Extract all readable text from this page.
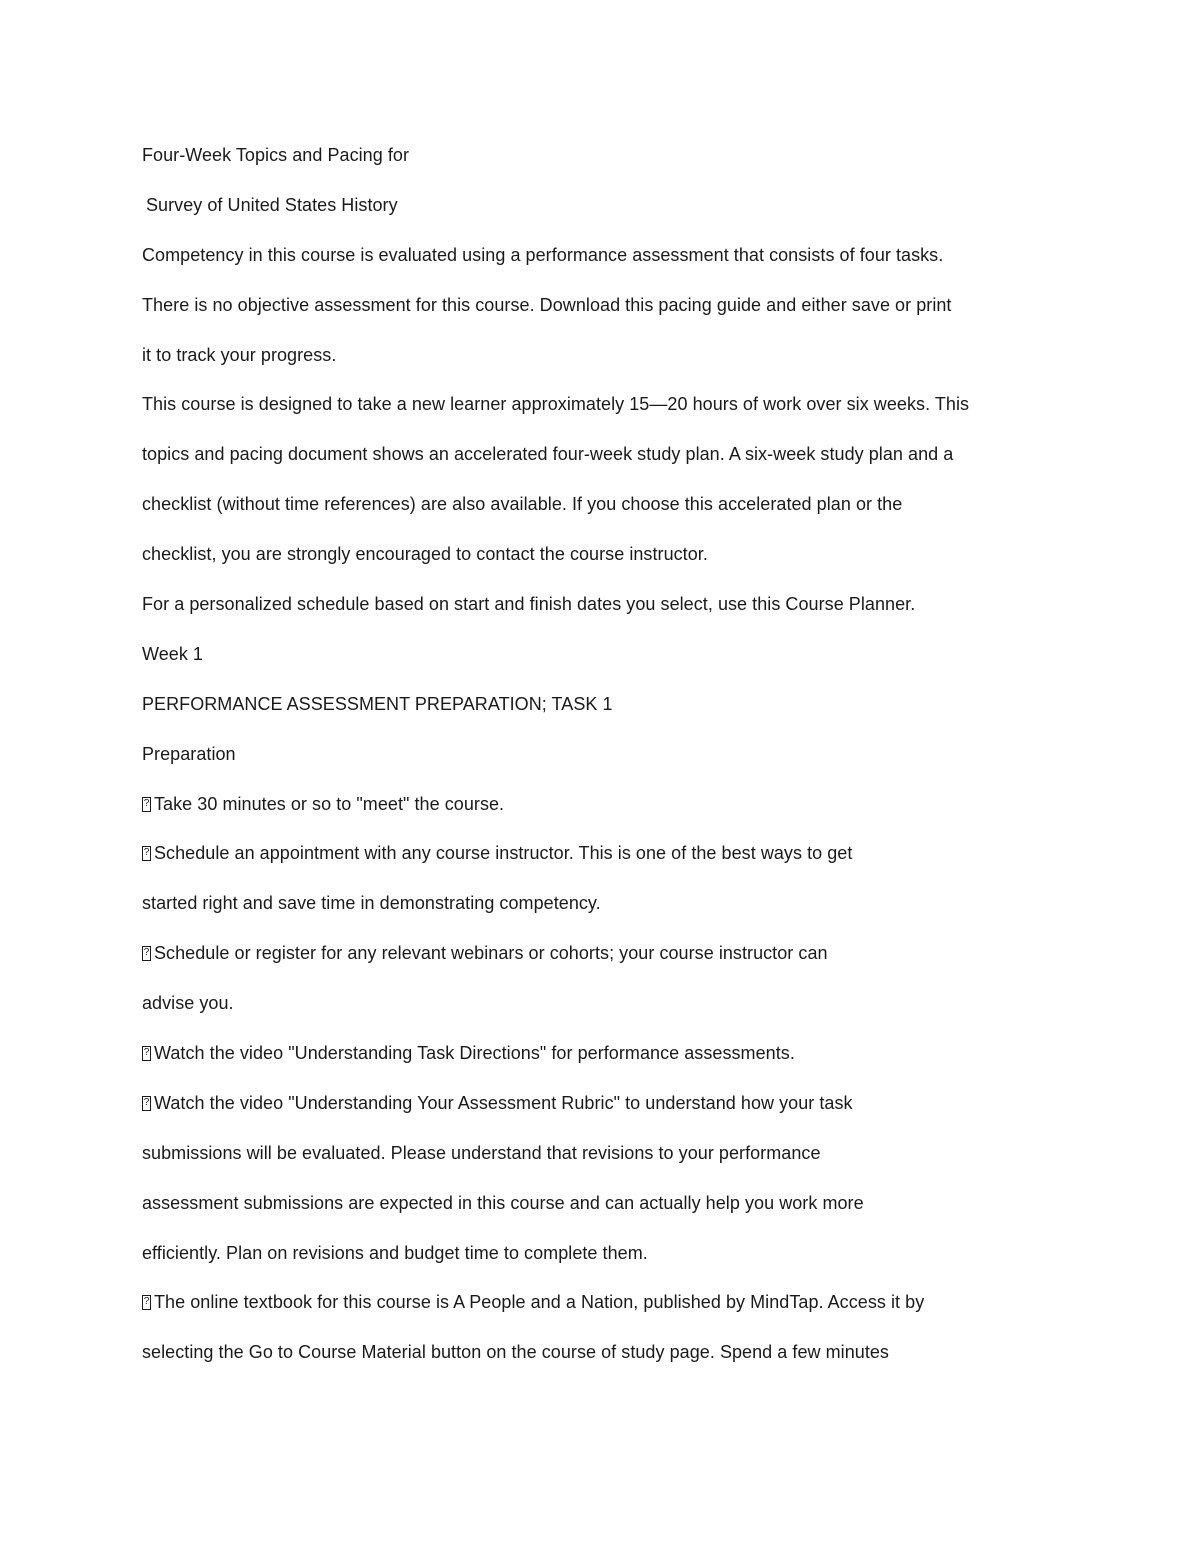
Four-Week Topics and Pacing for
Survey of United States History
Competency in this course is evaluated using a performance assessment that consists of four tasks.
There is no objective assessment for this course. Download this pacing guide and either save or print
it to track your progress.
This course is designed to take a new learner approximately 15—20 hours of work over six weeks. This
topics and pacing document shows an accelerated four-week study plan. A six-week study plan and a
checklist (without time references) are also available. If you choose this accelerated plan or the
checklist, you are strongly encouraged to contact the course instructor.
For a personalized schedule based on start and finish dates you select, use this Course Planner.
Week 1
PERFORMANCE ASSESSMENT PREPARATION; TASK 1
Preparation
?Take 30 minutes or so to "meet" the course.
?Schedule an appointment with any course instructor. This is one of the best ways to get
started right and save time in demonstrating competency.
?Schedule or register for any relevant webinars or cohorts; your course instructor can
advise you.
?Watch the video "Understanding Task Directions" for performance assessments.
?Watch the video "Understanding Your Assessment Rubric" to understand how your task
submissions will be evaluated. Please understand that revisions to your performance
assessment submissions are expected in this course and can actually help you work more
efficiently. Plan on revisions and budget time to complete them.
?The online textbook for this course is A People and a Nation, published by MindTap. Access it by
selecting the Go to Course Material button on the course of study page. Spend a few minutes
